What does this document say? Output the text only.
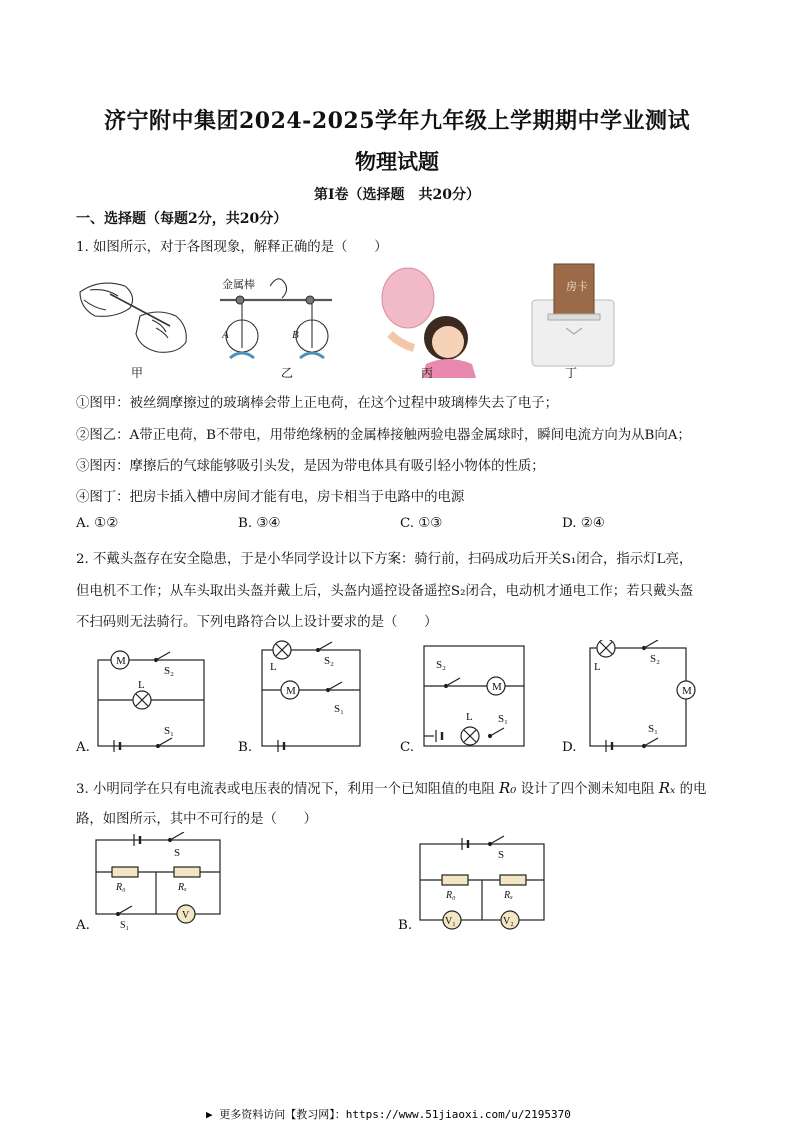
济宁附中集团2024-2025学年九年级上学期期中学业测试
物理试题
第Ⅰ卷（选择题　共20分）
一、选择题（每题2分，共20分）
1. 如图所示，对于各图现象，解释正确的是（　　）
A	B
金属棒	房卡
甲	乙	丙	丁
①图甲：被丝绸摩擦过的玻璃棒会带上正电荷，在这个过程中玻璃棒失去了电子；
②图乙：A带正电荷，B不带电，用带绝缘柄的金属棒接触两验电器金属球时，瞬间电流方向为从B向A；
③图丙：摩擦后的气球能够吸引头发，是因为带电体具有吸引轻小物体的性质；
④图丁：把房卡插入槽中房间才能有电，房卡相当于电路中的电源
A. ①②	B. ③④	C. ①③	D. ②④
2. 不戴头盔存在安全隐患，于是小华同学设计以下方案：骑行前，扫码成功后开关S₁闭合，指示灯L亮，
但电机不工作；从车头取出头盔并戴上后，头盔内遥控设备遥控S₂闭合，电动机才通电工作；若只戴头盔
不扫码则无法骑行。下列电路符合以上设计要求的是（　　）
M
L
S₂
S₁
L
M
S₂
S₁
S₂
M
L S₁
L
S₂
M
S₁
A.	B.	C.	D.
3. 小明同学在只有电流表或电压表的情况下，利用一个已知阻值的电阻 R₀ 设计了四个测未知电阻 Rₓ 的电
路，如图所示，其中不可行的是（　　）
S
R₀	Rₓ
S₁
V
S
R₀	Rₓ
V₁	V₂
A.	B.
▶ 更多资料访问【教习网】：https://www.51jiaoxi.com/u/2195370
